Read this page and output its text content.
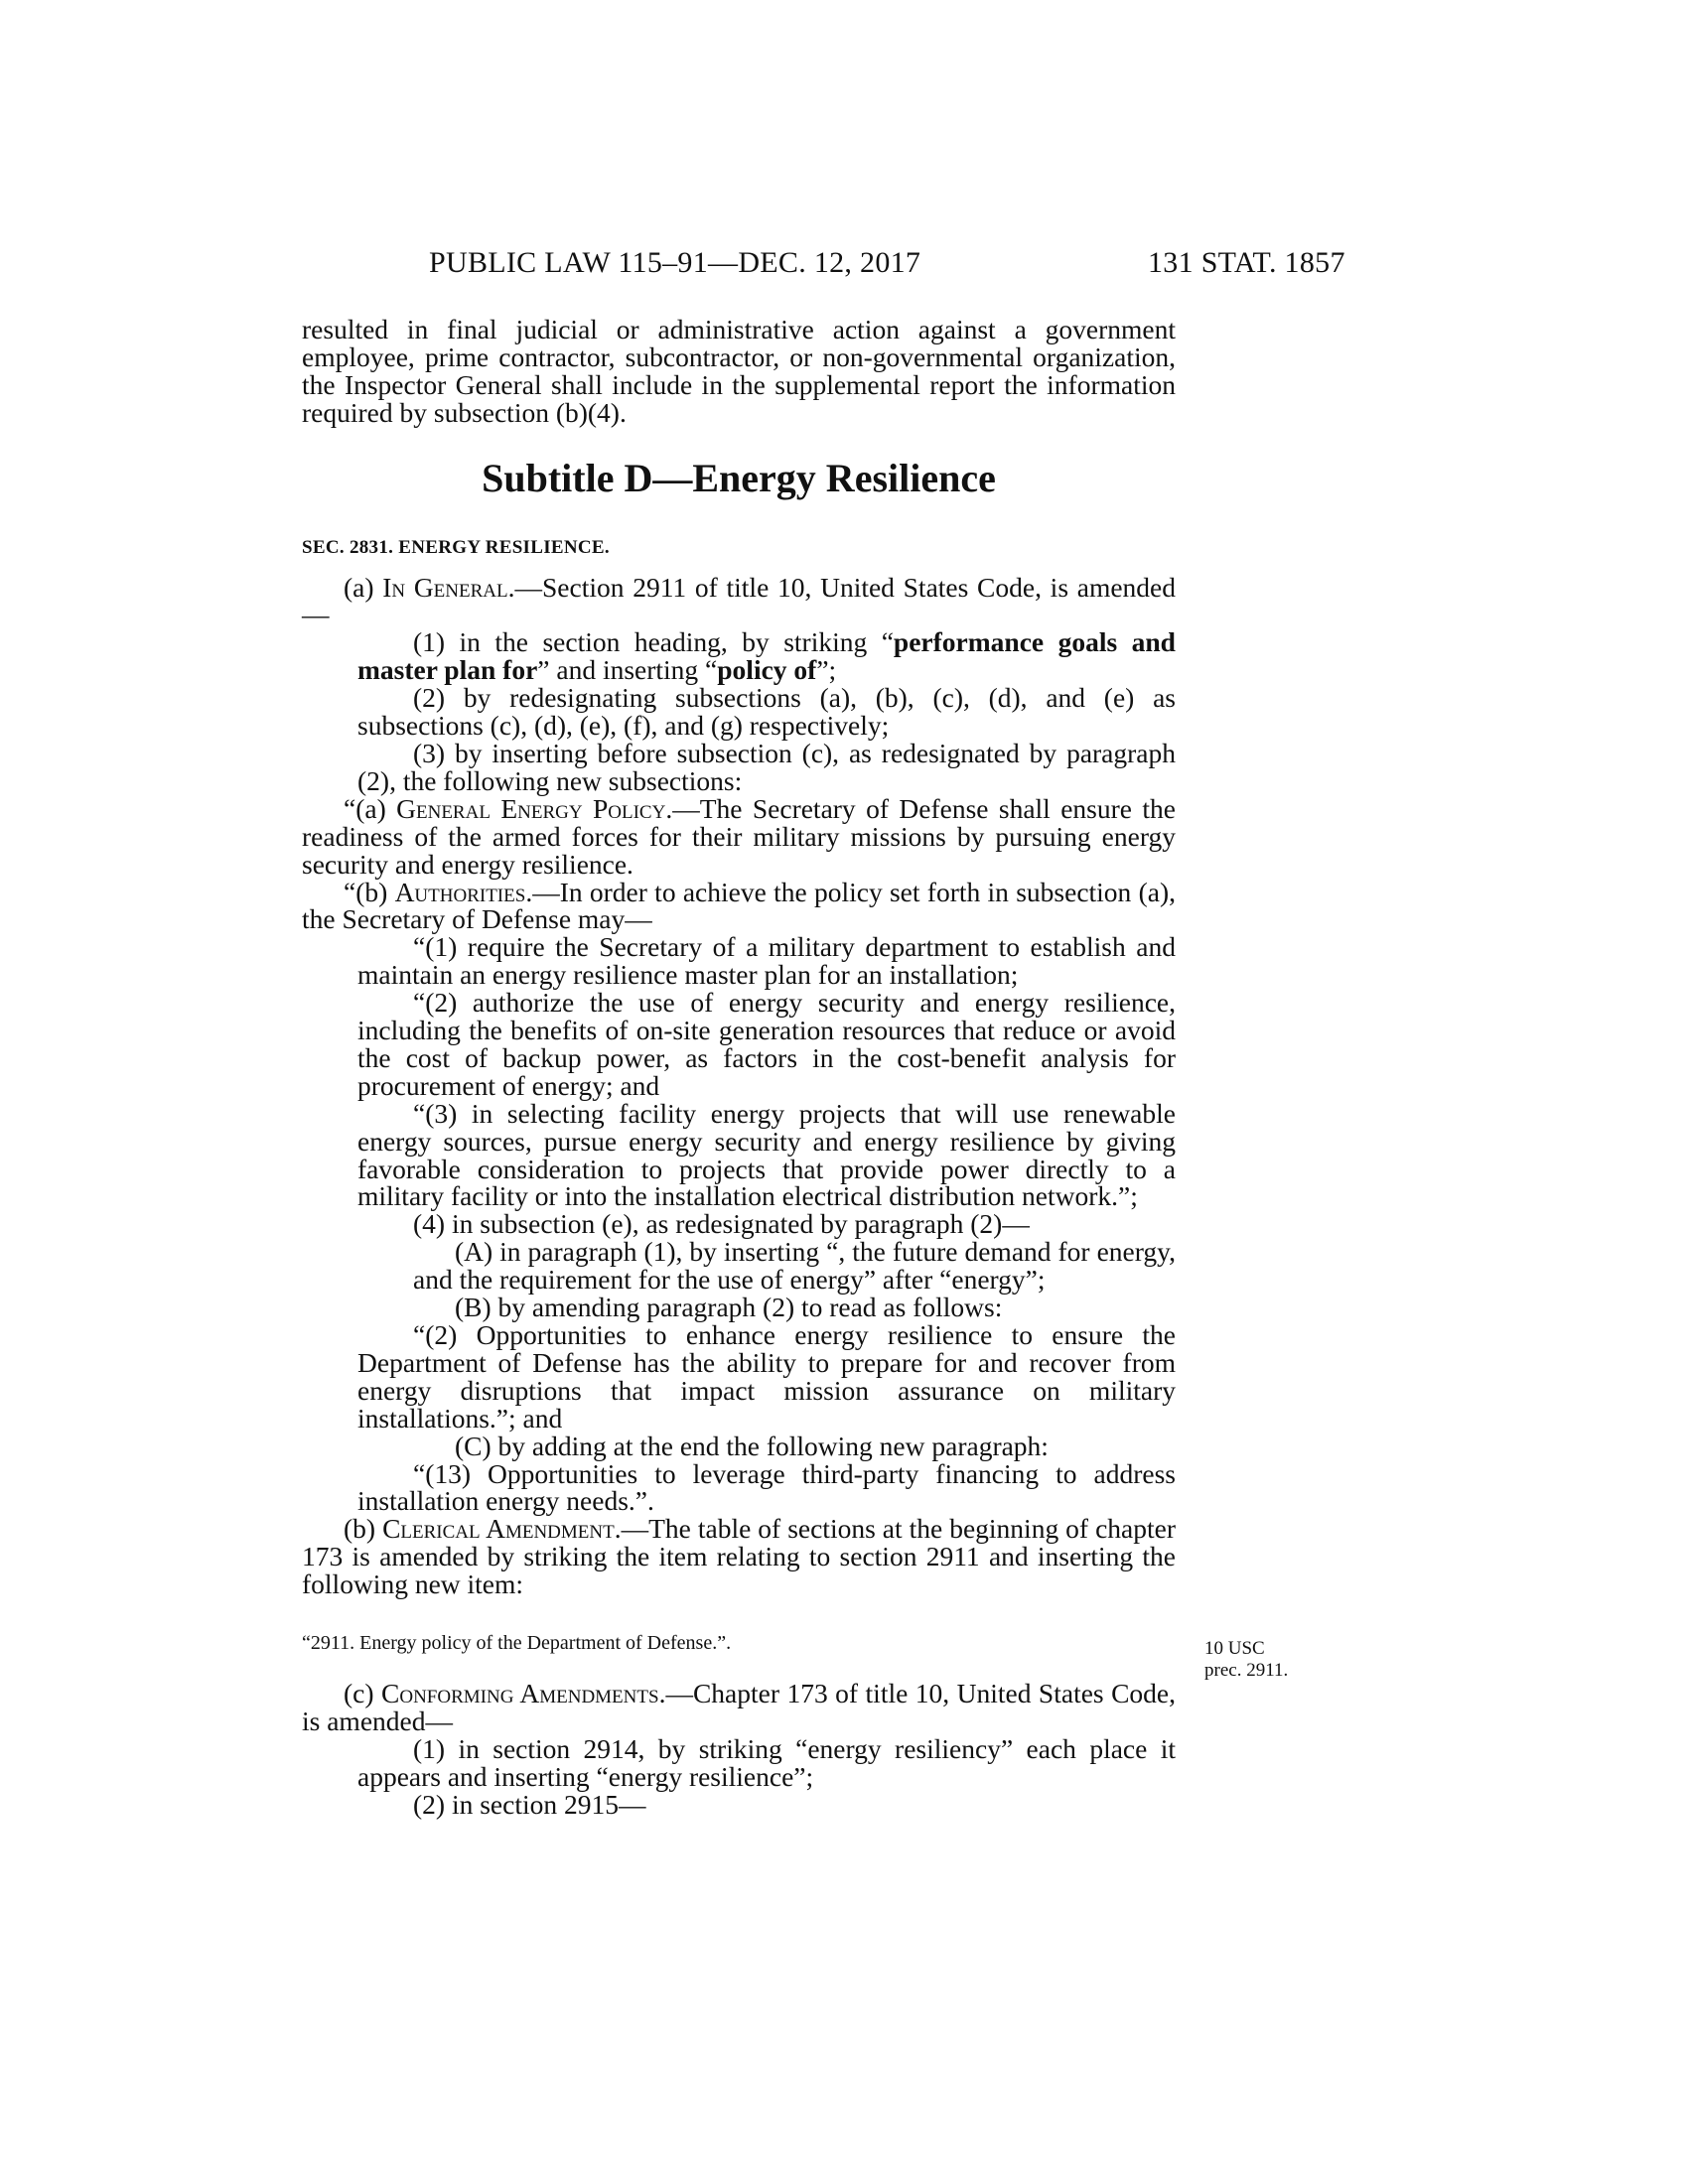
PUBLIC LAW 115–91—DEC. 12, 2017	131 STAT. 1857

resulted in final judicial or administrative action against a government employee, prime contractor, subcontractor, or non-governmental organization, the Inspector General shall include in the supplemental report the information required by subsection (b)(4).

Subtitle D—Energy Resilience

SEC. 2831. ENERGY RESILIENCE.

(a) In General.—Section 2911 of title 10, United States Code, is amended—

(1) in the section heading, by striking “performance goals and master plan for” and inserting “policy of”;

(2) by redesignating subsections (a), (b), (c), (d), and (e) as subsections (c), (d), (e), (f), and (g) respectively;

(3) by inserting before subsection (c), as redesignated by paragraph (2), the following new subsections:

“(a) General Energy Policy.—The Secretary of Defense shall ensure the readiness of the armed forces for their military missions by pursuing energy security and energy resilience.

“(b) Authorities.—In order to achieve the policy set forth in subsection (a), the Secretary of Defense may—

“(1) require the Secretary of a military department to establish and maintain an energy resilience master plan for an installation;

“(2) authorize the use of energy security and energy resilience, including the benefits of on-site generation resources that reduce or avoid the cost of backup power, as factors in the cost-benefit analysis for procurement of energy; and

“(3) in selecting facility energy projects that will use renewable energy sources, pursue energy security and energy resilience by giving favorable consideration to projects that provide power directly to a military facility or into the installation electrical distribution network.”;

(4) in subsection (e), as redesignated by paragraph (2)—

(A) in paragraph (1), by inserting “, the future demand for energy, and the requirement for the use of energy” after “energy”;

(B) by amending paragraph (2) to read as follows:

“(2) Opportunities to enhance energy resilience to ensure the Department of Defense has the ability to prepare for and recover from energy disruptions that impact mission assurance on military installations.”; and

(C) by adding at the end the following new paragraph:

“(13) Opportunities to leverage third-party financing to address installation energy needs.”.

(b) Clerical Amendment.—The table of sections at the beginning of chapter 173 is amended by striking the item relating to section 2911 and inserting the following new item:

“2911. Energy policy of the Department of Defense.”.

(c) Conforming Amendments.—Chapter 173 of title 10, United States Code, is amended—

(1) in section 2914, by striking “energy resiliency” each place it appears and inserting “energy resilience”;

(2) in section 2915—

10 USC
prec. 2911.
